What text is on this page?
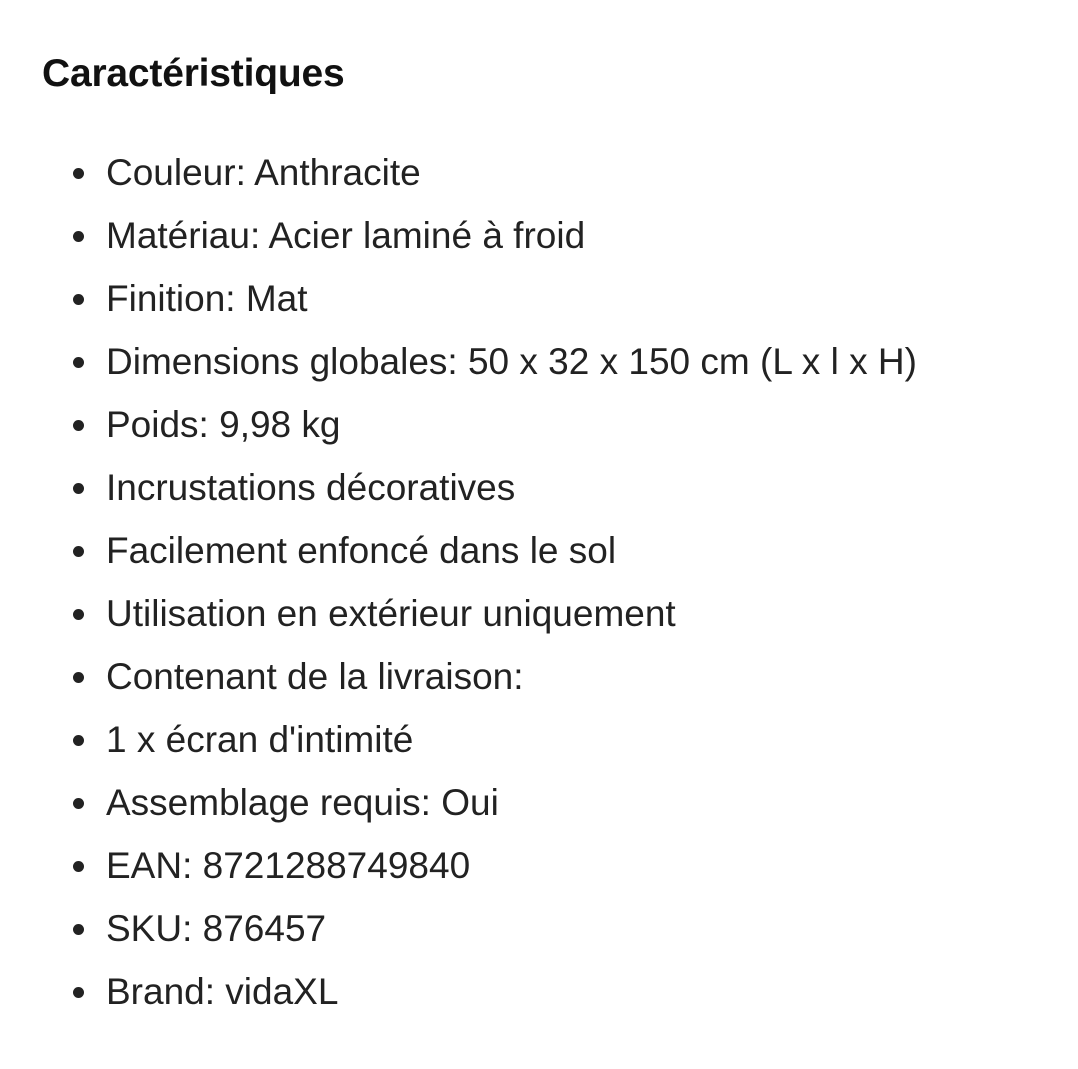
Caractéristiques
Couleur: Anthracite
Matériau: Acier laminé à froid
Finition: Mat
Dimensions globales: 50 x 32 x 150 cm (L x l x H)
Poids: 9,98 kg
Incrustations décoratives
Facilement enfoncé dans le sol
Utilisation en extérieur uniquement
Contenant de la livraison:
1 x écran d'intimité
Assemblage requis: Oui
EAN: 8721288749840
SKU: 876457
Brand: vidaXL
